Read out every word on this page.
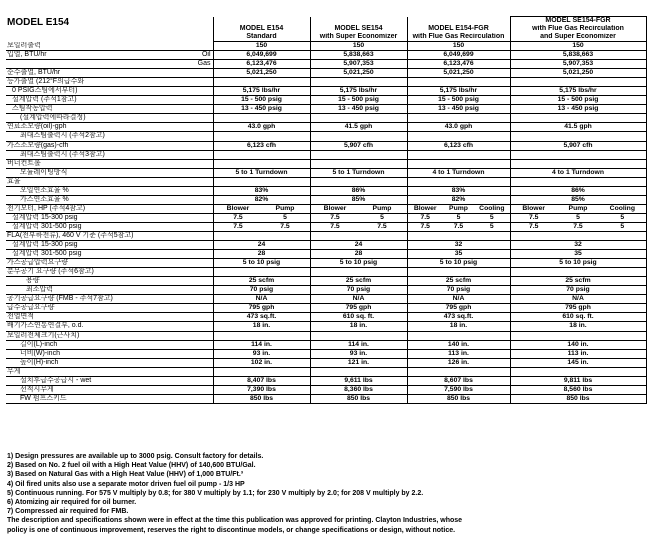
MODEL E154
					MODEL SE154-FGR
		MODEL E154	MODEL SE154	MODEL E154-FGR	with Flue Gas Recirculation
		Standard	with Super Economizer	with Flue Gas Recirculation	and Super Economizer
보일러출력		150	150	150	150
입열, BTU/hr	Oil	6,049,699	5,838,663	6,049,699	5,838,663
	Gas	6,123,476	5,907,353	6,123,476	5,907,353
순수출열, BTU/hr		5,021,250	5,021,250	5,021,250	5,021,250
등가출열 (212°F의급수와					
0 PSIG스팀에서부터)		5,175 lbs/hr	5,175 lbs/hr	5,175 lbs/hr	5,175 lbs/hr
설계압력 (주석1참고)		15 - 500 psig	15 - 500 psig	15 - 500 psig	15 - 500 psig
스팀작동압력		13 - 450 psig	13 - 450 psig	13 - 450 psig	13 - 450 psig
(설계압력에따라결정)					
연료소모량(oil)-gph		43.0 gph	41.5 gph	43.0 gph	41.5 gph
최대스팀출력시 (주석2참고)					
가스소모량(gas)-cfh		6,123 cfh	5,907 cfh	6,123 cfh	5,907 cfh
최대스팀출력시 (주석3참고)					
버너컨트롤					
모듈레이팅방식		5 to 1 Turndown	5 to 1 Turndown	4 to 1 Turndown	4 to 1 Turndown
효율					
오일연소효율 %		83%	86%	83%	86%
가스연소효율 %		82%	85%	82%	85%
전기모터, HP (주석4참고)		Blower Pump	Blower Pump	Blower Pump Cooling	Blower Pump Cooling

설계압력 15-300 psig		7.5 5	7.5 5	7.5 5 5	7.5 5 5

설계압력 301-500 psig		7.5 7.5	7.5 7.5	7.5 7.5 5	7.5 7.5 5

FLA(전부하전류), 460 V 기준 (주석5참고)					
설계압력 15-300 psig		24	24	32	32
설계압력 301-500 psig		28	28	35	35
가스공급압력요구량		5 to 10 psig	5 to 10 psig	5 to 10 psig	5 to 10 psig
분무공기 요구량 (주석6참고)					
용량		25 scfm	25 scfm	25 scfm	25 scfm
최소압력		70 psig	70 psig	70 psig	70 psig
공기공급요구량 (FMB - 주석7참고)		N/A	N/A	N/A	N/A
급수공급요구량		795 gph	795 gph	795 gph	795 gph
전열면적		473 sq.ft.	610 sq. ft.	473 sq.ft.	610 sq. ft.
배기가스연통연결부, o.d.		18 in.	18 in.	18 in.	18 in.
보일러전체크기(근사치)					
길이(L)-inch		114 in.	114 in.	140 in.	140 in.
너비(W)-inch		93 in.	93 in.	113 in.	113 in.
높이(H)-inch		102 in.	121 in.	126 in.	145 in.
무게					
설치후급수공급시 - wet		8,407 lbs	9,611 lbs	8,607 lbs	9,811 lbs
선적시무게		7,390 lbs	8,360 lbs	7,590 lbs	8,560 lbs
FW 펌프스키드		850 lbs	850 lbs	850 lbs	850 lbs
1) Design pressures are available up to 3000 psig. Consult factory for details.
2) Based on No. 2 fuel oil with a High Heat Value (HHV) of 140,600 BTU/Gal.
3) Based on Natural Gas with a High Heat Value (HHV) of 1,000 BTU/Ft.³
4) Oil fired units also use a separate motor driven fuel oil pump - 1/3 HP
5) Continuous running. For 575 V multiply by 0.8; for 380 V multiply by 1.1; for 230 V multiply by 2.0; for 208 V multiply by 2.2.
6) Atomizing air required for oil burner.
7) Compressed air required for FMB.
The description and specifications shown were in effect at the time this publication was approved for printing. Clayton Industries, whose
policy is one of continuous improvement, reserves the right to discontinue models, or change specifications or design, without notice.
